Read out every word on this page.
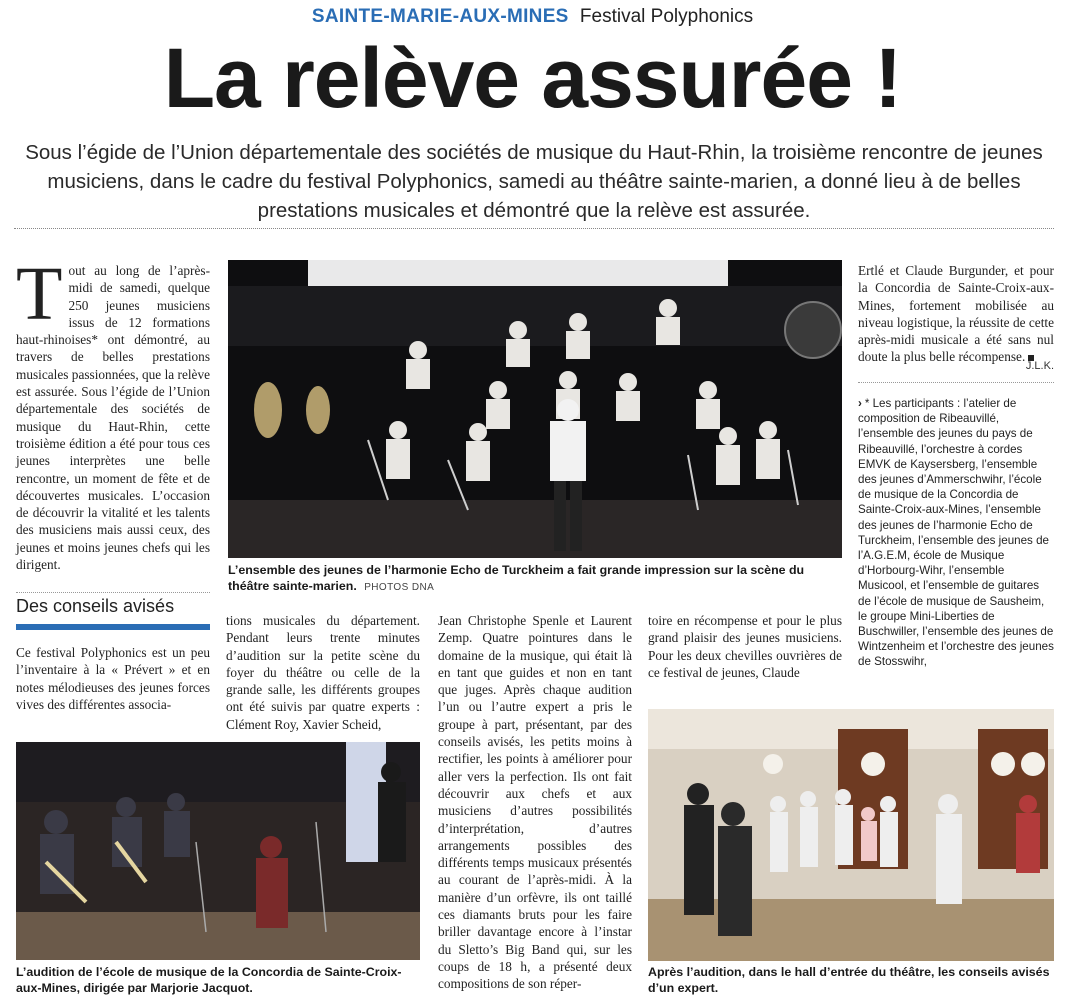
SAINTE-MARIE-AUX-MINES Festival Polyphonics
La relève assurée !
Sous l’égide de l’Union départementale des sociétés de musique du Haut-Rhin, la troisième rencontre de jeunes musiciens, dans le cadre du festival Polyphonics, samedi au théâtre sainte-marien, a donné lieu à de belles prestations musicales et démontré que la relève est assurée.
T out au long de l’après-midi de samedi, quelque 250 jeunes musiciens issus de 12 formations haut-rhinoises* ont démontré, au travers de belles prestations musicales passionnées, que la relève est assurée. Sous l’égide de l’Union départementale des sociétés de musique du Haut-Rhin, cette troisième édition a été pour tous ces jeunes interprètes une belle rencontre, un moment de fête et de découvertes musicales. L’occasion de découvrir la vitalité et les talents des musiciens mais aussi ceux, des jeunes et moins jeunes chefs qui les dirigent.
Des conseils avisés
Ce festival Polyphonics est un peu l’inventaire à la « Prévert » et en notes mélodieuses des jeunes forces vives des différentes associa-
L’ensemble des jeunes de l’harmonie Echo de Turckheim a fait grande impression sur la scène du théâtre sainte-marien. PHOTOS DNA
tions musicales du département. Pendant leurs trente minutes d’audition sur la petite scène du foyer du théâtre ou celle de la grande salle, les différents groupes ont été suivis par quatre experts : Clément Roy, Xavier Scheid,
Jean Christophe Spenle et Laurent Zemp. Quatre pointures dans le domaine de la musique, qui était là en tant que guides et non en tant que juges. Après chaque audition l’un ou l’autre expert a pris le groupe à part, présentant, par des conseils avisés, les petits moins à rectifier, les points à améliorer pour aller vers la perfection. Ils ont fait découvrir aux chefs et aux musiciens d’autres possibilités d’interprétation, d’autres arrangements possibles des différents temps musicaux présentés au courant de l’après-midi. À la manière d’un orfèvre, ils ont taillé ces diamants bruts pour les faire briller davantage encore à l’instar du Sletto’s Big Band qui, sur les coups de 18 h, a présenté deux compositions de son réper-
toire en récompense et pour le plus grand plaisir des jeunes musiciens. Pour les deux chevilles ouvrières de ce festival de jeunes, Claude
Ertlé et Claude Burgunder, et pour la Concordia de Sainte-Croix-aux-Mines, fortement mobilisée au niveau logistique, la réussite de cette après-midi musicale a été sans nul doute la plus belle récompense.
J.L.K.
› * Les participants : l’atelier de composition de Ribeauvillé, l’ensemble des jeunes du pays de Ribeauvillé, l’orchestre à cordes EMVK de Kaysersberg, l’ensemble des jeunes d’Ammerschwihr, l’école de musique de la Concordia de Sainte-Croix-aux-Mines, l’ensemble des jeunes de l’harmonie Echo de Turckheim, l’ensemble des jeunes de l’A.G.E.M, école de Musique d’Horbourg-Wihr, l’ensemble Musicool, et l’ensemble de guitares de l’école de musique de Sausheim, le groupe Mini-Liberties de Buschwiller, l’ensemble des jeunes de Wintzenheim et l’orchestre des jeunes de Stosswihr,
L’audition de l’école de musique de la Concordia de Sainte-Croix-aux-Mines, dirigée par Marjorie Jacquot.
Après l’audition, dans le hall d’entrée du théâtre, les conseils avisés d’un expert.
